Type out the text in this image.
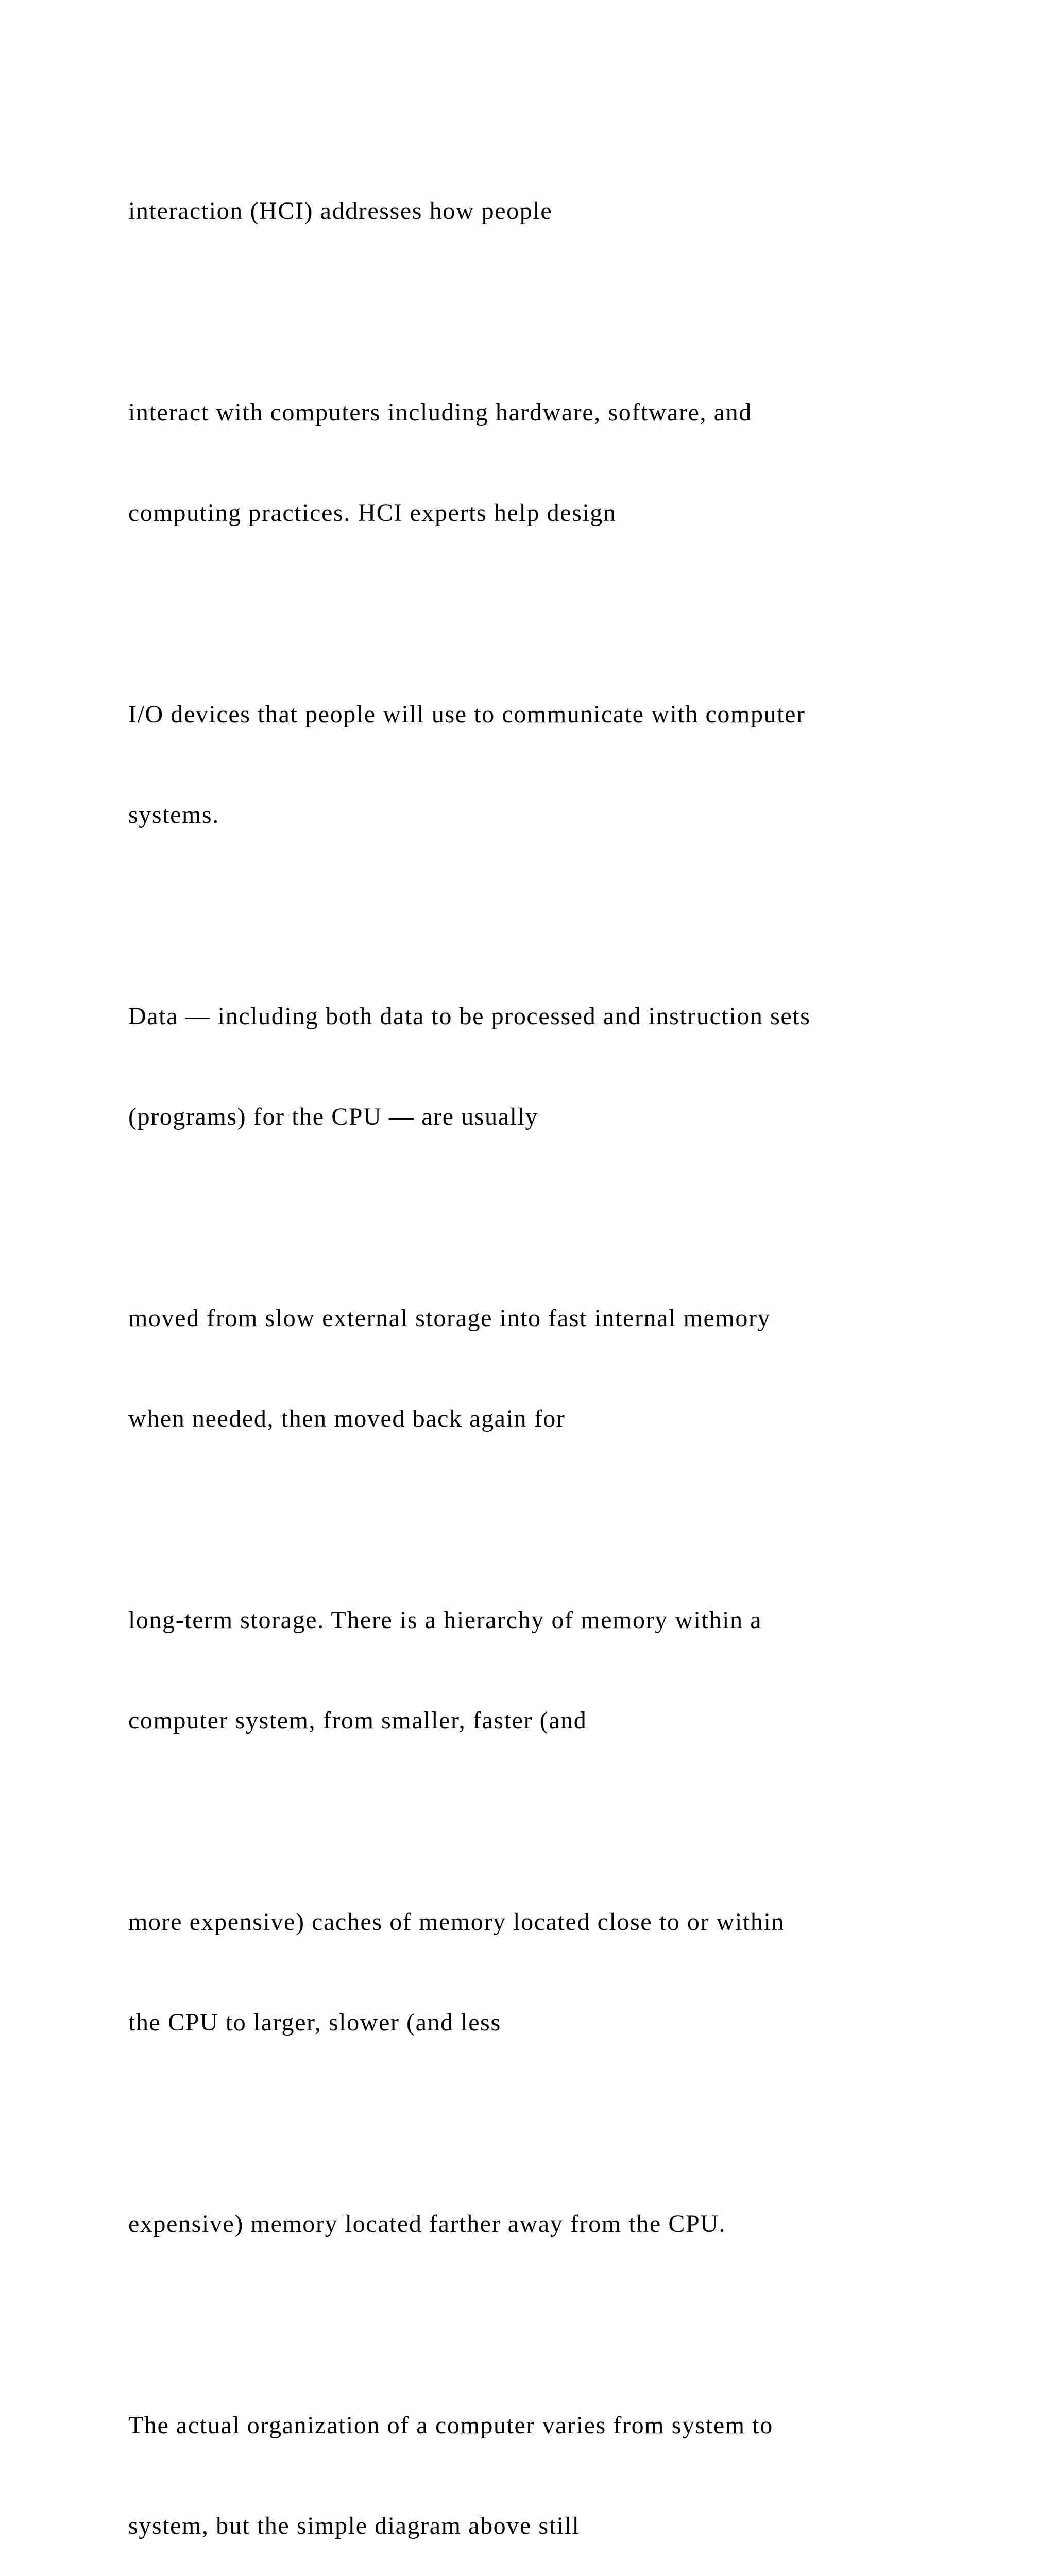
interaction (HCI) addresses how people

interact with computers including hardware, software, and

computing practices. HCI experts help design

I/O devices that people will use to communicate with computer

systems.

Data — including both data to be processed and instruction sets

(programs) for the CPU — are usually

moved from slow external storage into fast internal memory

when needed, then moved back again for

long-term storage. There is a hierarchy of memory within a

computer system, from smaller, faster (and

more expensive) caches of memory located close to or within

the CPU to larger, slower (and less

expensive) memory located farther away from the CPU.

The actual organization of a computer varies from system to

system, but the simple diagram above still
